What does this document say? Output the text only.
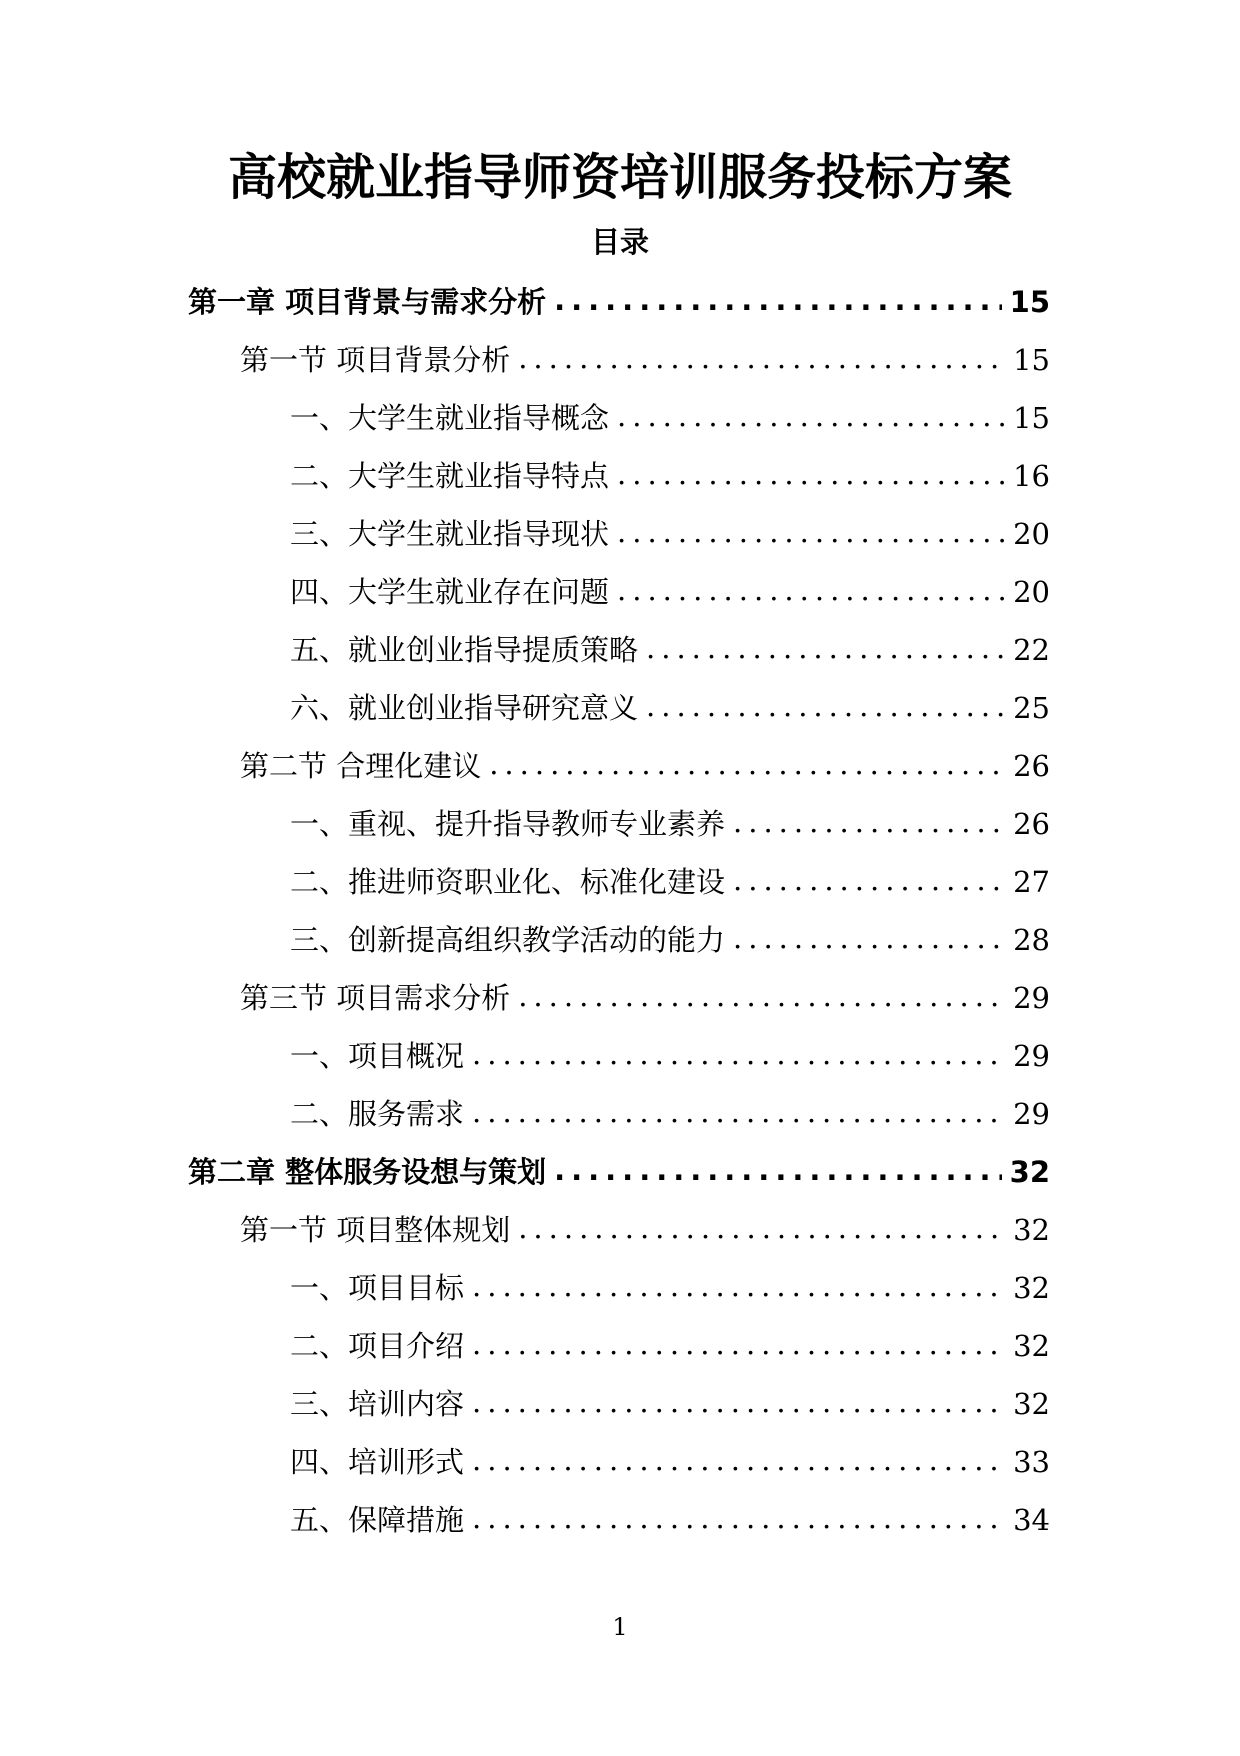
高校就业指导师资培训服务投标方案
目录
第一章 项目背景与需求分析 .....	15
第一节 项目背景分析 .....	15
一、大学生就业指导概念 .....	15
二、大学生就业指导特点 .....	16
三、大学生就业指导现状 .....	20
四、大学生就业存在问题 .....	20
五、就业创业指导提质策略 .....	22
六、就业创业指导研究意义 .....	25
第二节 合理化建议 .....	26
一、重视、提升指导教师专业素养 .....	26
二、推进师资职业化、标准化建设 .....	27
三、创新提高组织教学活动的能力 .....	28
第三节 项目需求分析 .....	29
一、项目概况 .....	29
二、服务需求 .....	29
第二章 整体服务设想与策划 .....	32
第一节 项目整体规划 .....	32
一、项目目标 .....	32
二、项目介绍 .....	32
三、培训内容 .....	32
四、培训形式 .....	33
五、保障措施 .....	34
1
